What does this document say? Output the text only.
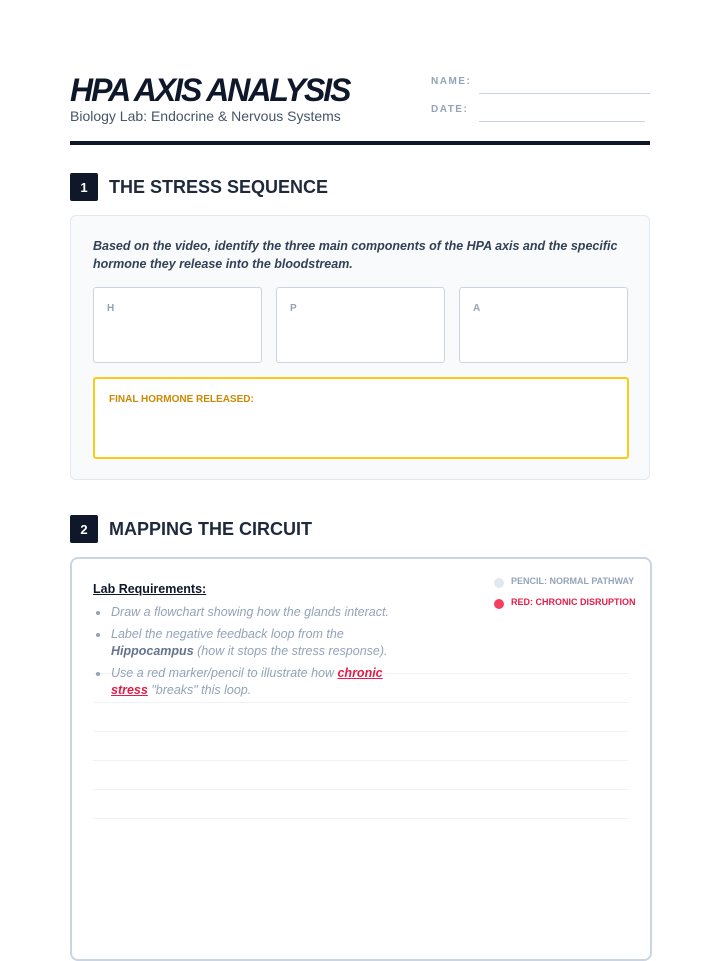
HPA AXIS ANALYSIS
Biology Lab: Endocrine & Nervous Systems
NAME:
DATE:
1	THE STRESS SEQUENCE
Based on the video, identify the three main components of the HPA axis and the specific hormone they release into the bloodstream.
H	P	A
FINAL HORMONE RELEASED:
2	MAPPING THE CIRCUIT
Lab Requirements:
Draw a flowchart showing how the glands interact.
Label the negative feedback loop from the Hippocampus (how it stops the stress response).
Use a red marker/pencil to illustrate how chronic stress "breaks" this loop.
PENCIL: NORMAL PATHWAY
RED: CHRONIC DISRUPTION
